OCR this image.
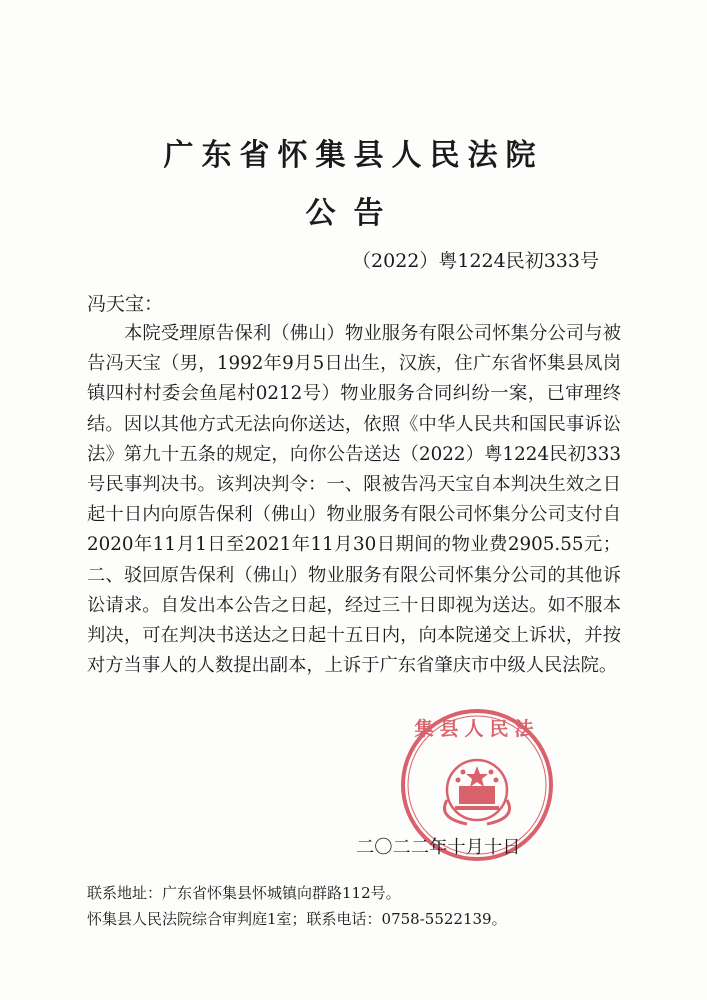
广东省怀集县人民法院
公告
（2022）粤1224民初333号
冯天宝：

本院受理原告保利（佛山）物业服务有限公司怀集分公司与被告冯天宝（男，1992年9月5日出生，汉族，住广东省怀集县凤岗镇四村村委会鱼尾村0212号）物业服务合同纠纷一案，已审理终结。因以其他方式无法向你送达，依照《中华人民共和国民事诉讼法》第九十五条的规定，向你公告送达（2022）粤1224民初333号民事判决书。该判决判令：一、限被告冯天宝自本判决生效之日起十日内向原告保利（佛山）物业服务有限公司怀集分公司支付自2020年11月1日至2021年11月30日期间的物业费2905.55元；二、驳回原告保利（佛山）物业服务有限公司怀集分公司的其他诉讼请求。自发出本公告之日起，经过三十日即视为送达。如不服本判决，可在判决书送达之日起十五日内，向本院递交上诉状，并按对方当事人的人数提出副本，上诉于广东省肇庆市中级人民法院。

集县人民法
二〇二二年十月十日
联系地址：广东省怀集县怀城镇向群路112号。
怀集县人民法院综合审判庭1室；联系电话：0758-5522139。
